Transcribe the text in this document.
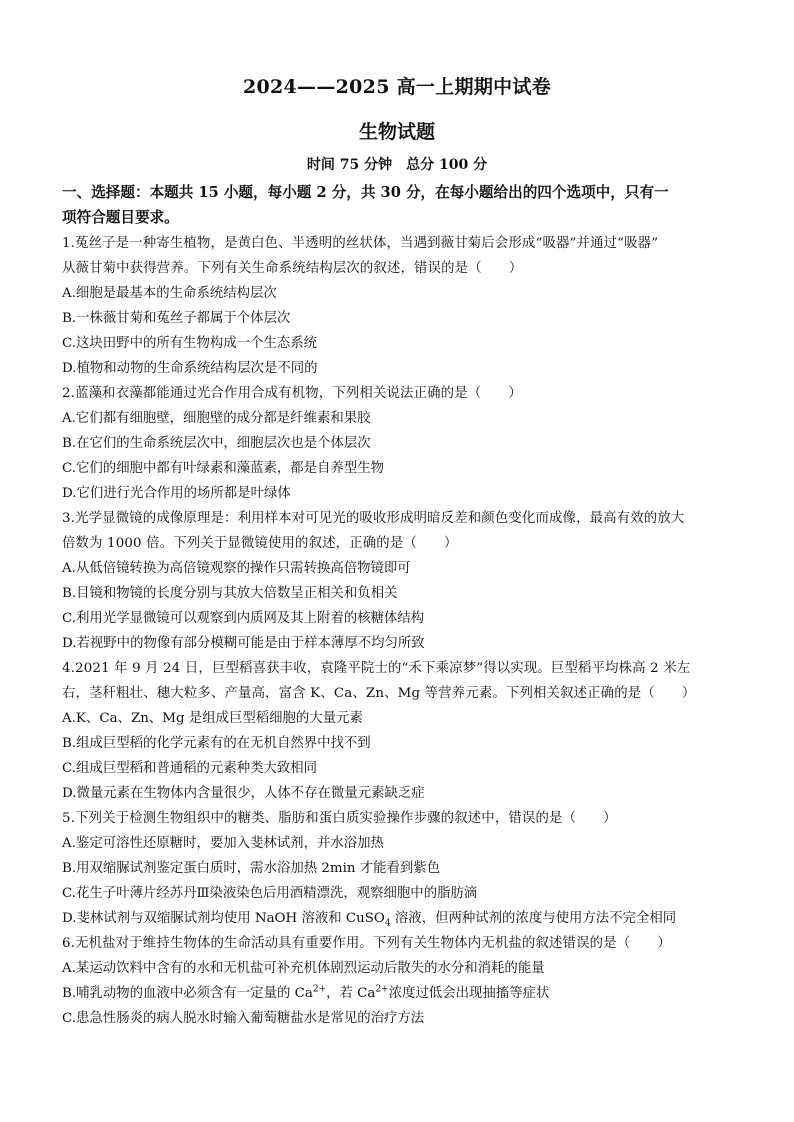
2024——2025 高一上期期中试卷
生物试题
时间 75 分钟 总分 100 分
一、选择题：本题共 15 小题，每小题 2 分，共 30 分，在每小题给出的四个选项中，只有一
项符合题目要求。

1.菟丝子是一种寄生植物，是黄白色、半透明的丝状体，当遇到薇甘菊后会形成“吸器”并通过“吸器”

从薇甘菊中获得营养。下列有关生命系统结构层次的叙述，错误的是（　　）

A.细胞是最基本的生命系统结构层次

B.一株薇甘菊和菟丝子都属于个体层次

C.这块田野中的所有生物构成一个生态系统

D.植物和动物的生命系统结构层次是不同的

2.蓝藻和衣藻都能通过光合作用合成有机物，下列相关说法正确的是（　　）

A.它们都有细胞壁，细胞壁的成分都是纤维素和果胶

B.在它们的生命系统层次中，细胞层次也是个体层次

C.它们的细胞中都有叶绿素和藻蓝素，都是自养型生物

D.它们进行光合作用的场所都是叶绿体

3.光学显微镜的成像原理是：利用样本对可见光的吸收形成明暗反差和颜色变化而成像，最高有效的放大

倍数为 1000 倍。下列关于显微镜使用的叙述，正确的是（　　）

A.从低倍镜转换为高倍镜观察的操作只需转换高倍物镜即可

B.目镜和物镜的长度分别与其放大倍数呈正相关和负相关

C.利用光学显微镜可以观察到内质网及其上附着的核糖体结构

D.若视野中的物像有部分模糊可能是由于样本薄厚不均匀所致

4.2021 年 9 月 24 日，巨型稻喜获丰收，袁隆平院士的“禾下乘凉梦”得以实现。巨型稻平均株高 2 米左

右，茎秆粗壮、穗大粒多、产量高，富含 K、Ca、Zn、Mg 等营养元素。下列相关叙述正确的是（　　）

A.K、Ca、Zn、Mg 是组成巨型稻细胞的大量元素

B.组成巨型稻的化学元素有的在无机自然界中找不到

C.组成巨型稻和普通稻的元素种类大致相同

D.微量元素在生物体内含量很少，人体不存在微量元素缺乏症

5.下列关于检测生物组织中的糖类、脂肪和蛋白质实验操作步骤的叙述中，错误的是（　　）

A.鉴定可溶性还原糖时，要加入斐林试剂，并水浴加热

B.用双缩脲试剂鉴定蛋白质时，需水浴加热 2min 才能看到紫色

C.花生子叶薄片经苏丹Ⅲ染液染色后用酒精漂洗，观察细胞中的脂肪滴

D.斐林试剂与双缩脲试剂均使用 NaOH 溶液和 CuSO$_4$ 溶液，但两种试剂的浓度与使用方法不完全相同

6.无机盐对于维持生物体的生命活动具有重要作用。下列有关生物体内无机盐的叙述错误的是（　　）

A.某运动饮料中含有的水和无机盐可补充机体剧烈运动后散失的水分和消耗的能量

B.哺乳动物的血液中必须含有一定量的 $Ca^{2+}$，若 $Ca^{2+}$浓度过低会出现抽搐等症状

C.患急性肠炎的病人脱水时输入葡萄糖盐水是常见的治疗方法
